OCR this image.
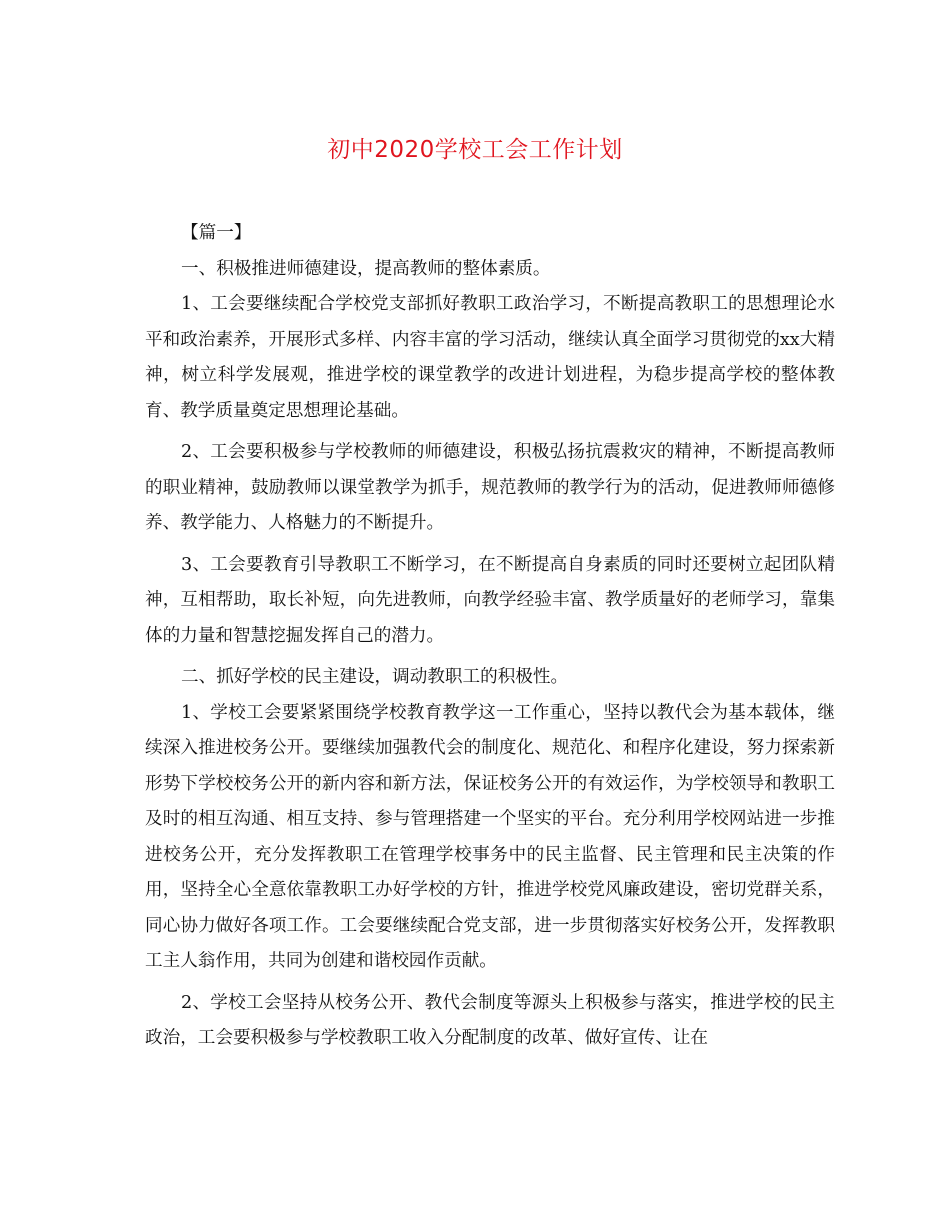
初中2020学校工会工作计划

【篇一】

一、积极推进师德建设，提高教师的整体素质。

1、工会要继续配合学校党支部抓好教职工政治学习，不断提高教职工的思想理论水平和政治素养，开展形式多样、内容丰富的学习活动，继续认真全面学习贯彻党的xx大精神，树立科学发展观，推进学校的课堂教学的改进计划进程，为稳步提高学校的整体教育、教学质量奠定思想理论基础。

2、工会要积极参与学校教师的师德建设，积极弘扬抗震救灾的精神，不断提高教师的职业精神，鼓励教师以课堂教学为抓手，规范教师的教学行为的活动，促进教师师德修养、教学能力、人格魅力的不断提升。

3、工会要教育引导教职工不断学习，在不断提高自身素质的同时还要树立起团队精神，互相帮助，取长补短，向先进教师，向教学经验丰富、教学质量好的老师学习，靠集体的力量和智慧挖掘发挥自己的潜力。

二、抓好学校的民主建设，调动教职工的积极性。

1、学校工会要紧紧围绕学校教育教学这一工作重心，坚持以教代会为基本载体，继续深入推进校务公开。要继续加强教代会的制度化、规范化、和程序化建设，努力探索新形势下学校校务公开的新内容和新方法，保证校务公开的有效运作，为学校领导和教职工及时的相互沟通、相互支持、参与管理搭建一个坚实的平台。充分利用学校网站进一步推进校务公开，充分发挥教职工在管理学校事务中的民主监督、民主管理和民主决策的作用，坚持全心全意依靠教职工办好学校的方针，推进学校党风廉政建设，密切党群关系，同心协力做好各项工作。工会要继续配合党支部，进一步贯彻落实好校务公开，发挥教职工主人翁作用，共同为创建和谐校园作贡献。

2、学校工会坚持从校务公开、教代会制度等源头上积极参与落实，推进学校的民主政治，工会要积极参与学校教职工收入分配制度的改革、做好宣传、让在
